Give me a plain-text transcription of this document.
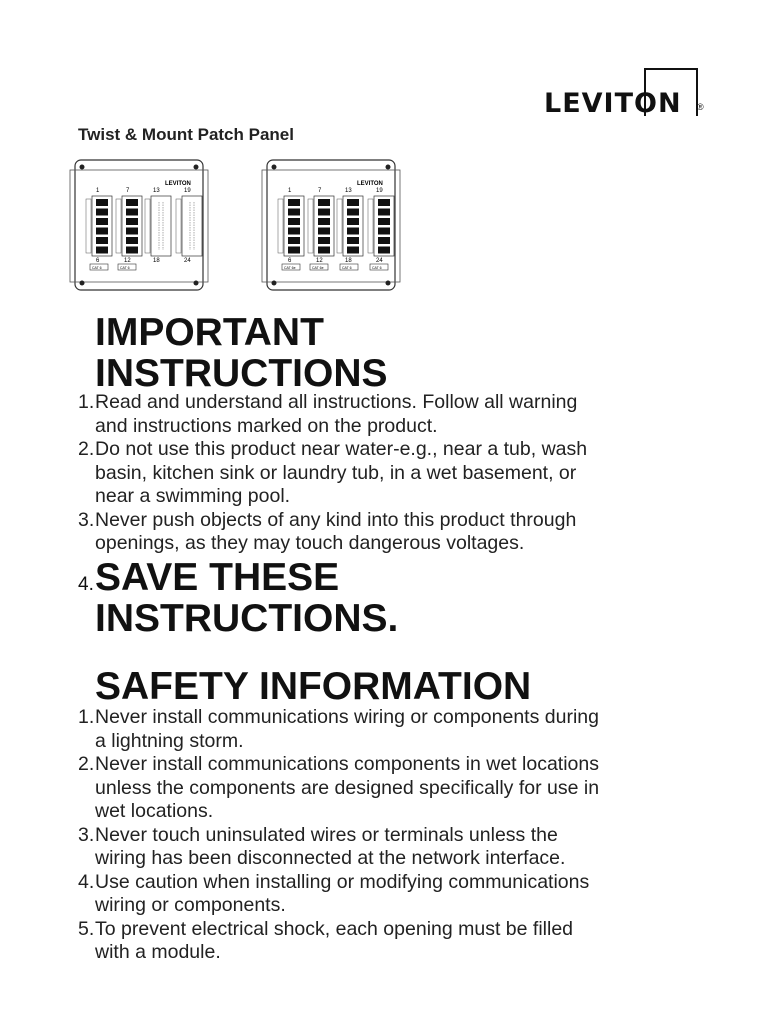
LEVITON ®
Twist & Mount Patch Panel
LEVITON
1	7	13	19
6	12	18	24
CAT 6	CAT 6
LEVITON
1	7	13	19
6	12	18	24
CAT 6e	CAT 6e	CAT 6	CAT 6
IMPORTANT
INSTRUCTIONS
1. Read and understand all instructions. Follow all warning
and instructions marked on the product.
2. Do not use this product near water-e.g., near a tub, wash
basin, kitchen sink or laundry tub, in a wet basement, or
near a swimming pool.
3. Never push objects of any kind into this product through
openings, as they may touch dangerous voltages.
4. SAVE THESE
INSTRUCTIONS.
SAFETY INFORMATION
1. Never install communications wiring or components during
a lightning storm.
2. Never install communications components in wet locations
unless the components are designed specifically for use in
wet locations.
3. Never touch uninsulated wires or terminals unless the
wiring has been disconnected at the network interface.
4. Use caution when installing or modifying communications
wiring or components.
5. To prevent electrical shock, each opening must be filled
with a module.
